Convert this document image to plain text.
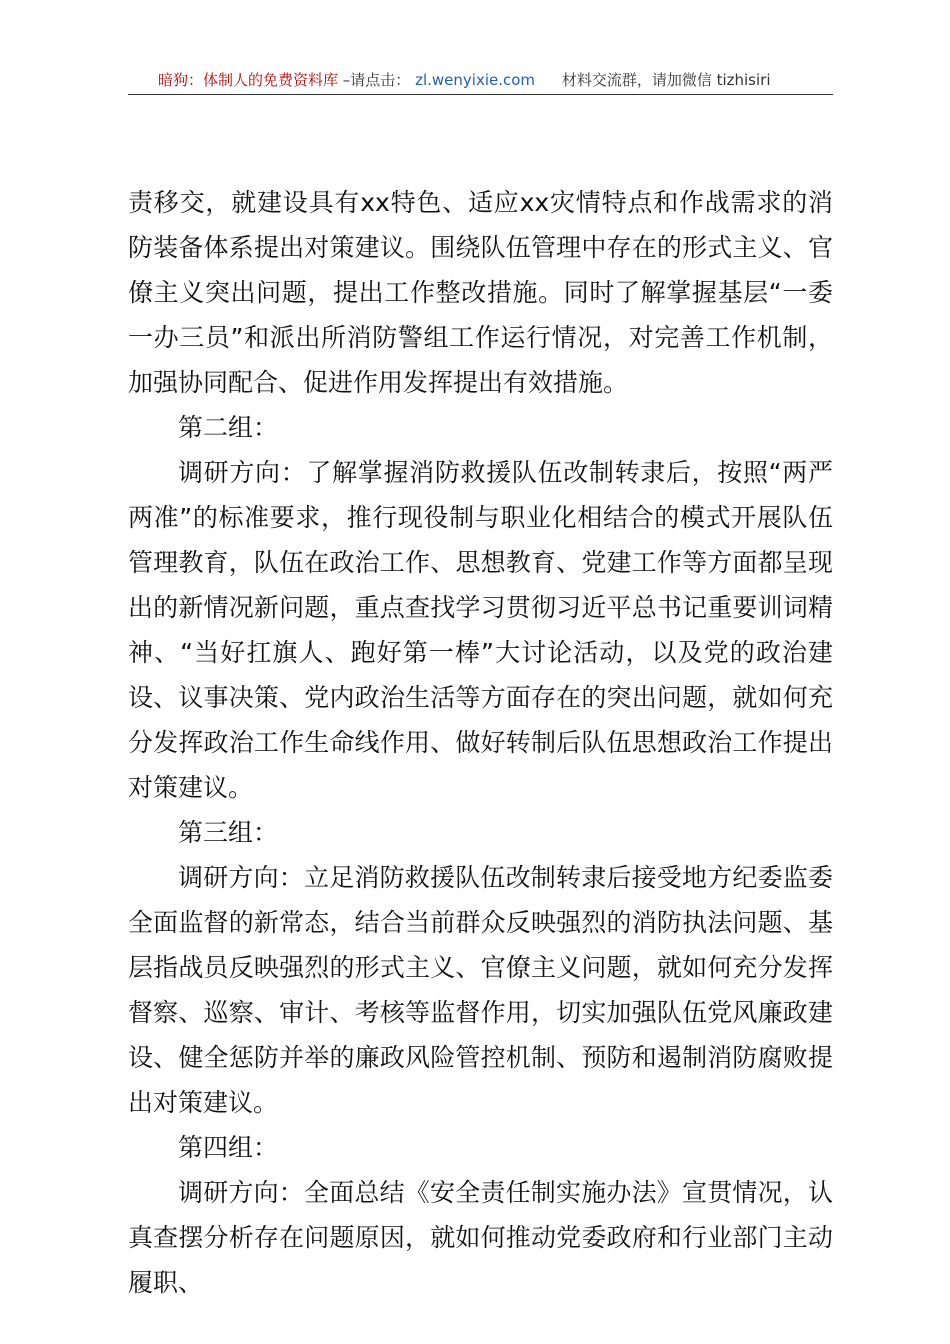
暗狗：体制人的免费资料库 –请点击： zl.wenyixie.com 材料交流群，请加微信 tizhisiri

责移交，就建设具有xx特色、适应xx灾情特点和作战需求的消防装备体系提出对策建议。围绕队伍管理中存在的形式主义、官僚主义突出问题，提出工作整改措施。同时了解掌握基层“一委一办三员”和派出所消防警组工作运行情况，对完善工作机制，加强协同配合、促进作用发挥提出有效措施。

第二组：

调研方向：了解掌握消防救援队伍改制转隶后，按照“两严两准”的标准要求，推行现役制与职业化相结合的模式开展队伍管理教育，队伍在政治工作、思想教育、党建工作等方面都呈现出的新情况新问题，重点查找学习贯彻习近平总书记重要训词精神、“当好扛旗人、跑好第一棒”大讨论活动，以及党的政治建设、议事决策、党内政治生活等方面存在的突出问题，就如何充分发挥政治工作生命线作用、做好转制后队伍思想政治工作提出对策建议。

第三组：

调研方向：立足消防救援队伍改制转隶后接受地方纪委监委全面监督的新常态，结合当前群众反映强烈的消防执法问题、基层指战员反映强烈的形式主义、官僚主义问题，就如何充分发挥督察、巡察、审计、考核等监督作用，切实加强队伍党风廉政建设、健全惩防并举的廉政风险管控机制、预防和遏制消防腐败提出对策建议。

第四组：

调研方向：全面总结《安全责任制实施办法》宣贯情况，认真查摆分析存在问题原因，就如何推动党委政府和行业部门主动履职、
